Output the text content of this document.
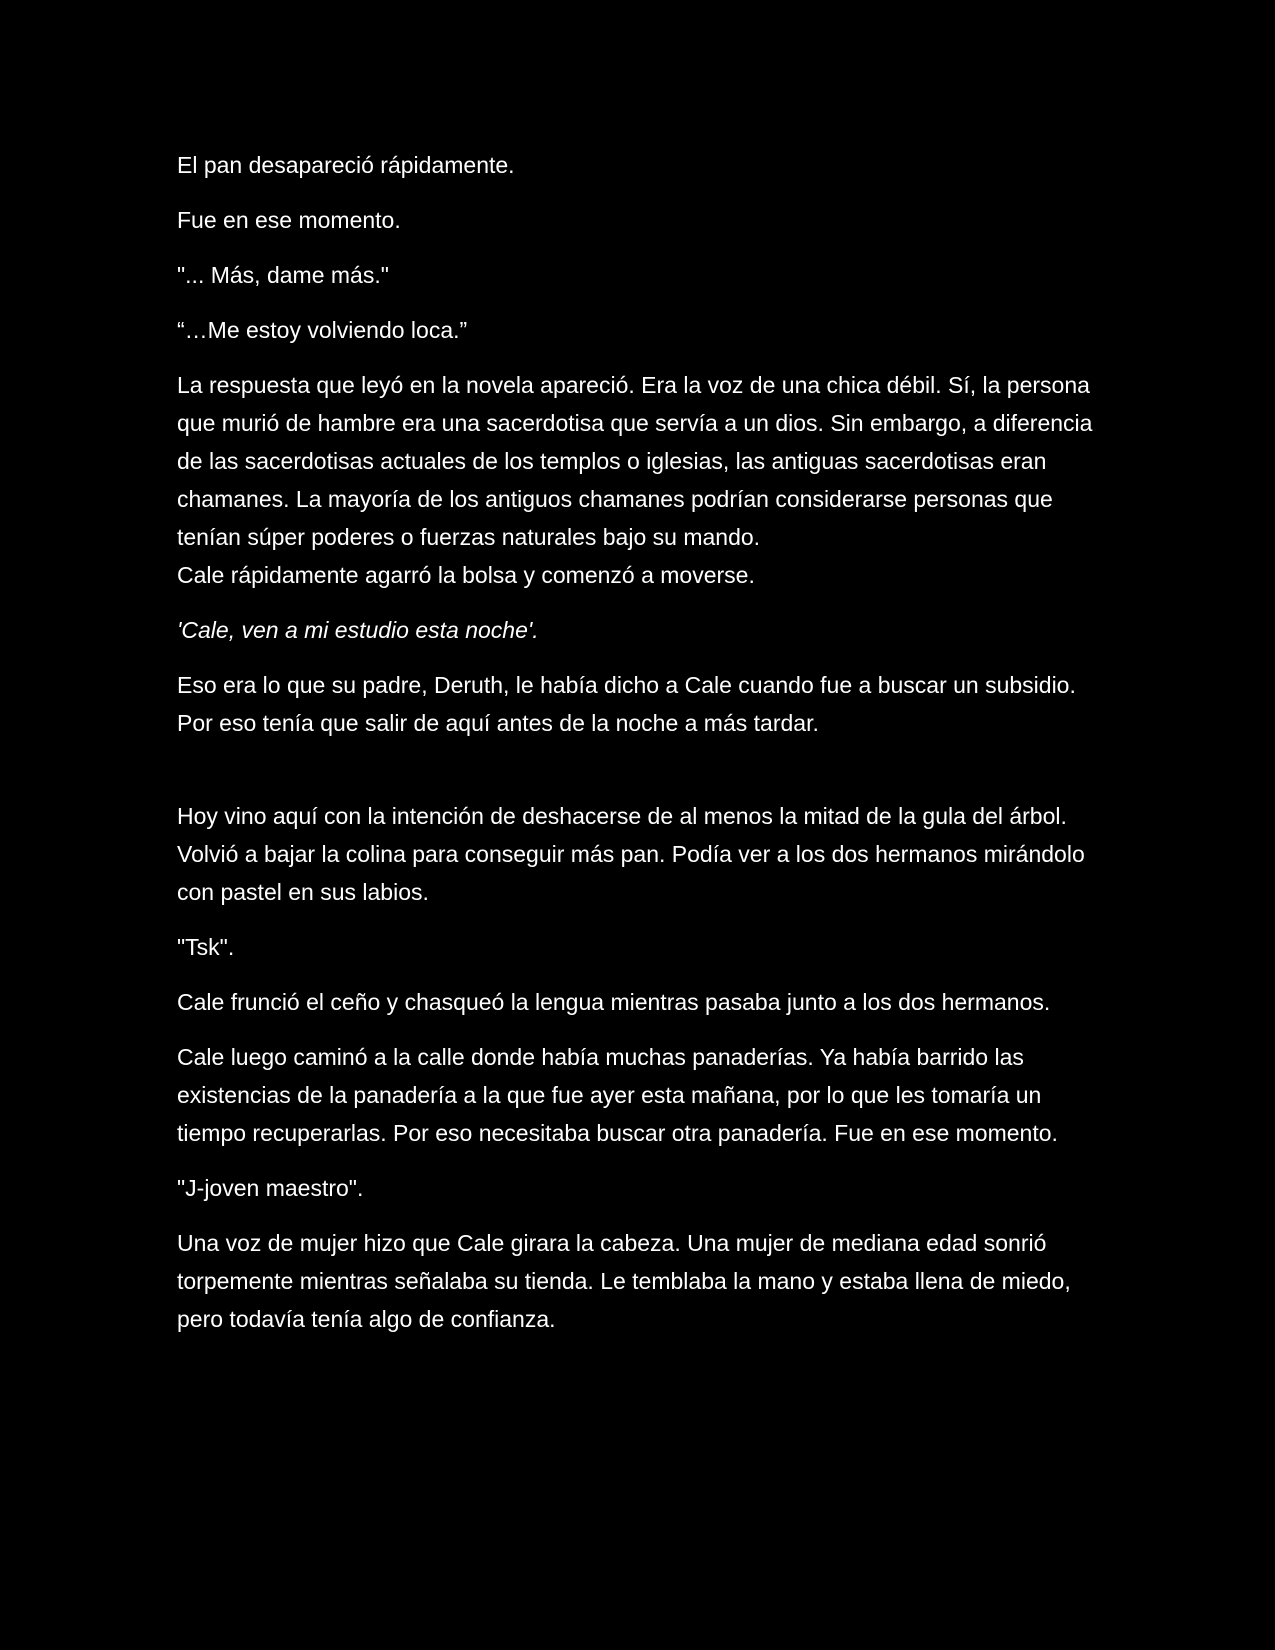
El pan desapareció rápidamente.

Fue en ese momento.

"... Más, dame más."

“…Me estoy volviendo loca.”

La respuesta que leyó en la novela apareció. Era la voz de una chica débil. Sí, la persona que murió de hambre era una sacerdotisa que servía a un dios. Sin embargo, a diferencia de las sacerdotisas actuales de los templos o iglesias, las antiguas sacerdotisas eran chamanes. La mayoría de los antiguos chamanes podrían considerarse personas que tenían súper poderes o fuerzas naturales bajo su mando.

Cale rápidamente agarró la bolsa y comenzó a moverse.

'Cale, ven a mi estudio esta noche'.

Eso era lo que su padre, Deruth, le había dicho a Cale cuando fue a buscar un subsidio. Por eso tenía que salir de aquí antes de la noche a más tardar.

Hoy vino aquí con la intención de deshacerse de al menos la mitad de la gula del árbol. Volvió a bajar la colina para conseguir más pan. Podía ver a los dos hermanos mirándolo con pastel en sus labios.

"Tsk".

Cale frunció el ceño y chasqueó la lengua mientras pasaba junto a los dos hermanos.

Cale luego caminó a la calle donde había muchas panaderías. Ya había barrido las existencias de la panadería a la que fue ayer esta mañana, por lo que les tomaría un tiempo recuperarlas. Por eso necesitaba buscar otra panadería. Fue en ese momento.

"J-joven maestro".

Una voz de mujer hizo que Cale girara la cabeza. Una mujer de mediana edad sonrió torpemente mientras señalaba su tienda. Le temblaba la mano y estaba llena de miedo, pero todavía tenía algo de confianza.
